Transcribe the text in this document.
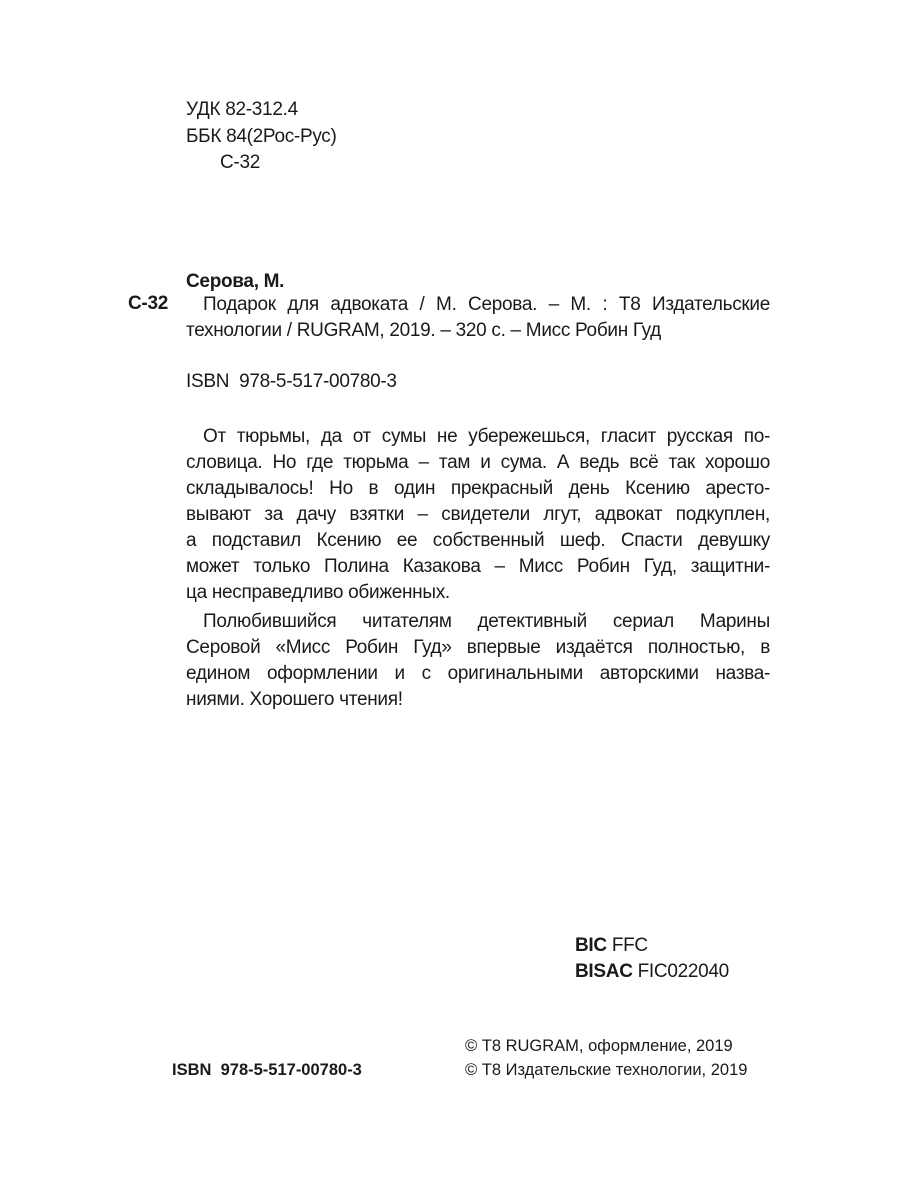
УДК 82-312.4
ББК 84(2Рос-Рус)
С-32
Серова, М.
С-32 Подарок для адвоката / М. Серова. – М. : Т8 Издательские
технологии / RUGRAM, 2019. – 320 с. – Мисс Робин Гуд
ISBN  978-5-517-00780-3
От тюрьмы, да от сумы не убережешься, гласит русская по-
словица. Но где тюрьма – там и сума. А ведь всё так хорошо
складывалось! Но в один прекрасный день Ксению аресто-
вывают за дачу взятки – свидетели лгут, адвокат подкуплен,
а подставил Ксению ее собственный шеф. Спасти девушку
может только Полина Казакова – Мисс Робин Гуд, защитни-
ца несправедливо обиженных.
Полюбившийся читателям детективный сериал Марины
Серовой «Мисс Робин Гуд» впервые издаётся полностью, в
едином оформлении и с оригинальными авторскими назва-
ниями. Хорошего чтения!
BIC FFC
BISAC FIC022040
© Т8 RUGRAM, оформление, 2019
ISBN  978-5-517-00780-3	© Т8 Издательские технологии, 2019
